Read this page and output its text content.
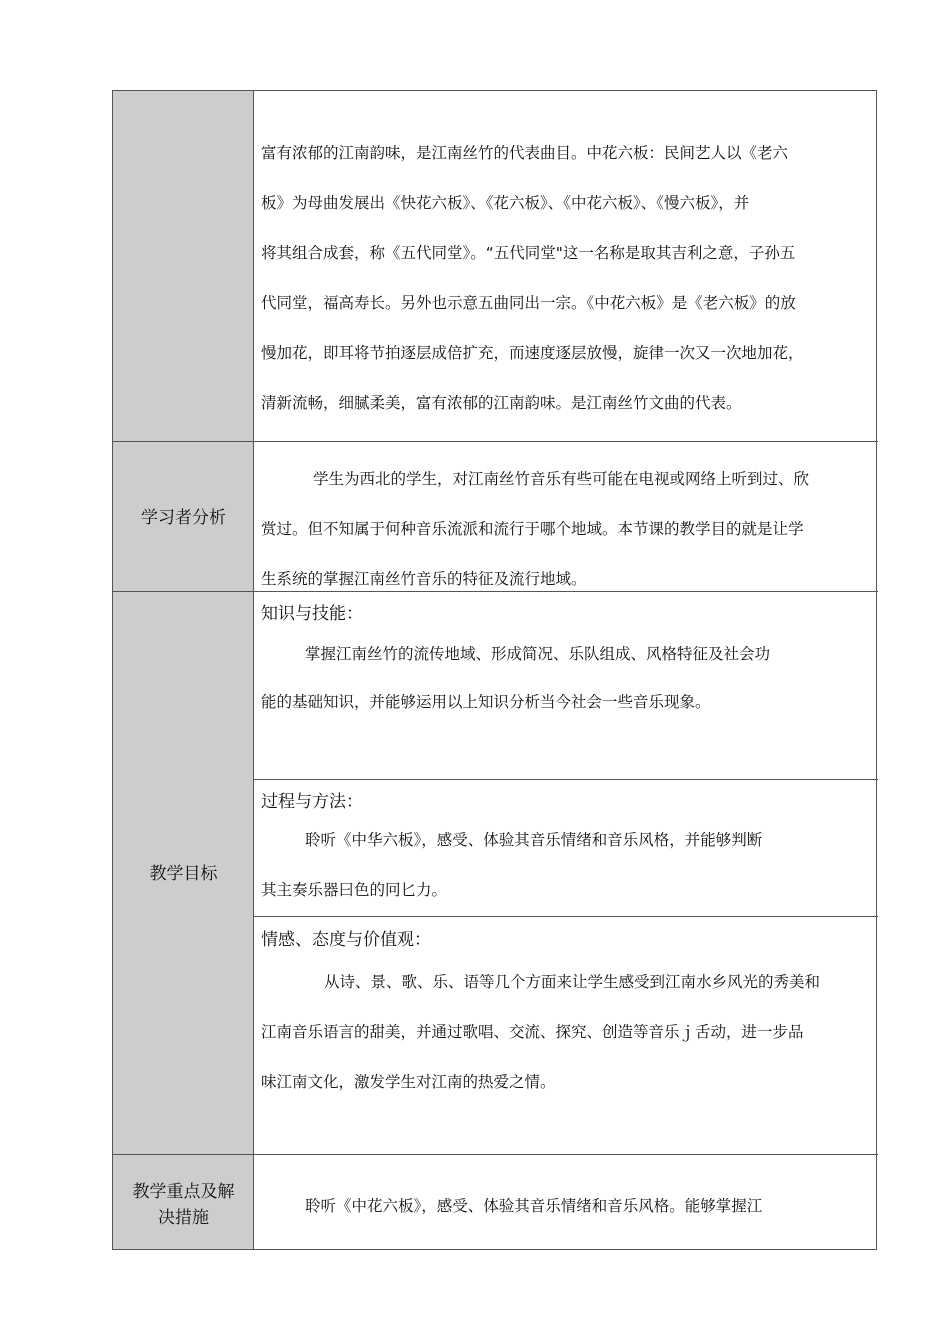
富有浓郁的江南韵味，是江南丝竹的代表曲目。中花六板：民间艺人以《老六
板》为母曲发展出《快花六板》、《花六板》、《中花六板》、《慢六板》，并
将其组合成套，称《五代同堂》。“五代同堂"这一名称是取其吉利之意，子孙五
代同堂，福高寿长。另外也示意五曲同出一宗。《中花六板》是《老六板》的放
慢加花，即耳将节拍逐层成倍扩充，而速度逐层放慢，旋律一次又一次地加花，
清新流畅，细腻柔美，富有浓郁的江南韵味。是江南丝竹文曲的代表。
学习者分析
学生为西北的学生，对江南丝竹音乐有些可能在电视或网络上听到过、欣
赏过。但不知属于何种音乐流派和流行于哪个地域。本节课的教学目的就是让学
生系统的掌握江南丝竹音乐的特征及流行地域。
教学目标
知识与技能：
掌握江南丝竹的流传地域、形成简况、乐队组成、风格特征及社会功
能的基础知识，并能够运用以上知识分析当今社会一些音乐现象。
过程与方法：
聆听《中华六板》，感受、体验其音乐情绪和音乐风格，并能够判断
其主奏乐器曰色的冋匕力。
情感、态度与价值观：
从诗、景、歌、乐、语等几个方面来让学生感受到江南水乡风光的秀美和
江南音乐语言的甜美，并通过歌唱、交流、探究、创造等音乐ｊ舌动，进一步品
味江南文化，激发学生对江南的热爱之情。
教学重点及解
决措施
聆听《中花六板》，感受、体验其音乐情绪和音乐风格。能够掌握江
